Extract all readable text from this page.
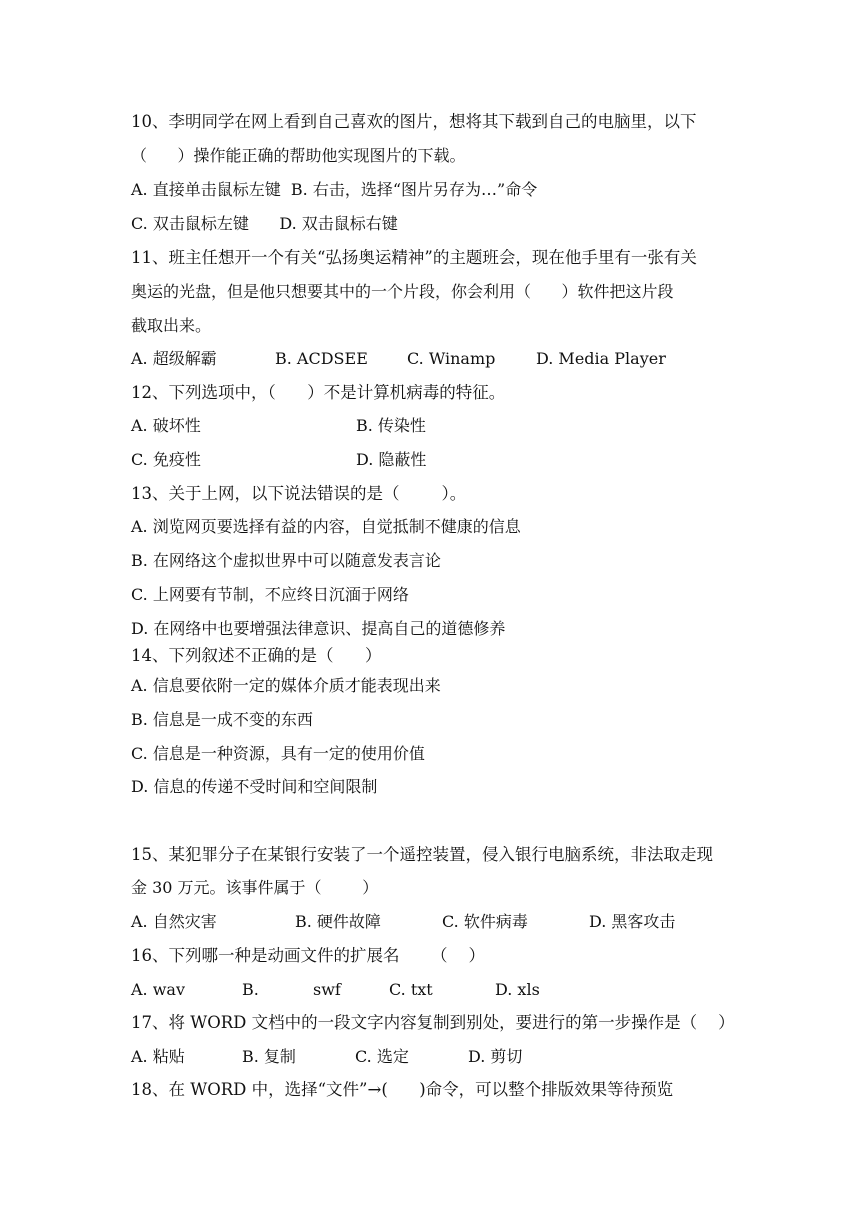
10、李明同学在网上看到自己喜欢的图片，想将其下载到自己的电脑里，以下
（      ）操作能正确的帮助他实现图片的下载。
A. 直接单击鼠标左键  B. 右击，选择“图片另存为…”命令
C. 双击鼠标左键      D. 双击鼠标右键
11、班主任想开一个有关“弘扬奥运精神”的主题班会，现在他手里有一张有关
奥运的光盘，但是他只想要其中的一个片段，你会利用（      ）软件把这片段
截取出来。
A. 超级解霸	B. ACDSEE C. Winamp	D. Media Player
12、下列选项中，（      ）不是计算机病毒的特征。
A. 破坏性	B. 传染性
C. 免疫性	D. 隐蔽性
13、关于上网，以下说法错误的是（        ）。
A. 浏览网页要选择有益的内容，自觉抵制不健康的信息
B. 在网络这个虚拟世界中可以随意发表言论
C. 上网要有节制，不应终日沉湎于网络
D. 在网络中也要增强法律意识、提高自己的道德修养
14、下列叙述不正确的是（      ）
A. 信息要依附一定的媒体介质才能表现出来
B. 信息是一成不变的东西
C. 信息是一种资源，具有一定的使用价值
D. 信息的传递不受时间和空间限制
15、某犯罪分子在某银行安装了一个遥控装置，侵入银行电脑系统，非法取走现
金 30 万元。该事件属于（        ）
A. 自然灾害	B. 硬件故障	C. 软件病毒	D. 黑客攻击
16、下列哪一种是动画文件的扩展名      （    ）
A. wav	B.	swf	C. txt	D. xls
17、将 WORD 文档中的一段文字内容复制到别处，要进行的第一步操作是（    ）
A. 粘贴	B. 复制	C. 选定	D. 剪切
18、在 WORD 中，选择“文件”→(      )命令，可以整个排版效果等待预览
